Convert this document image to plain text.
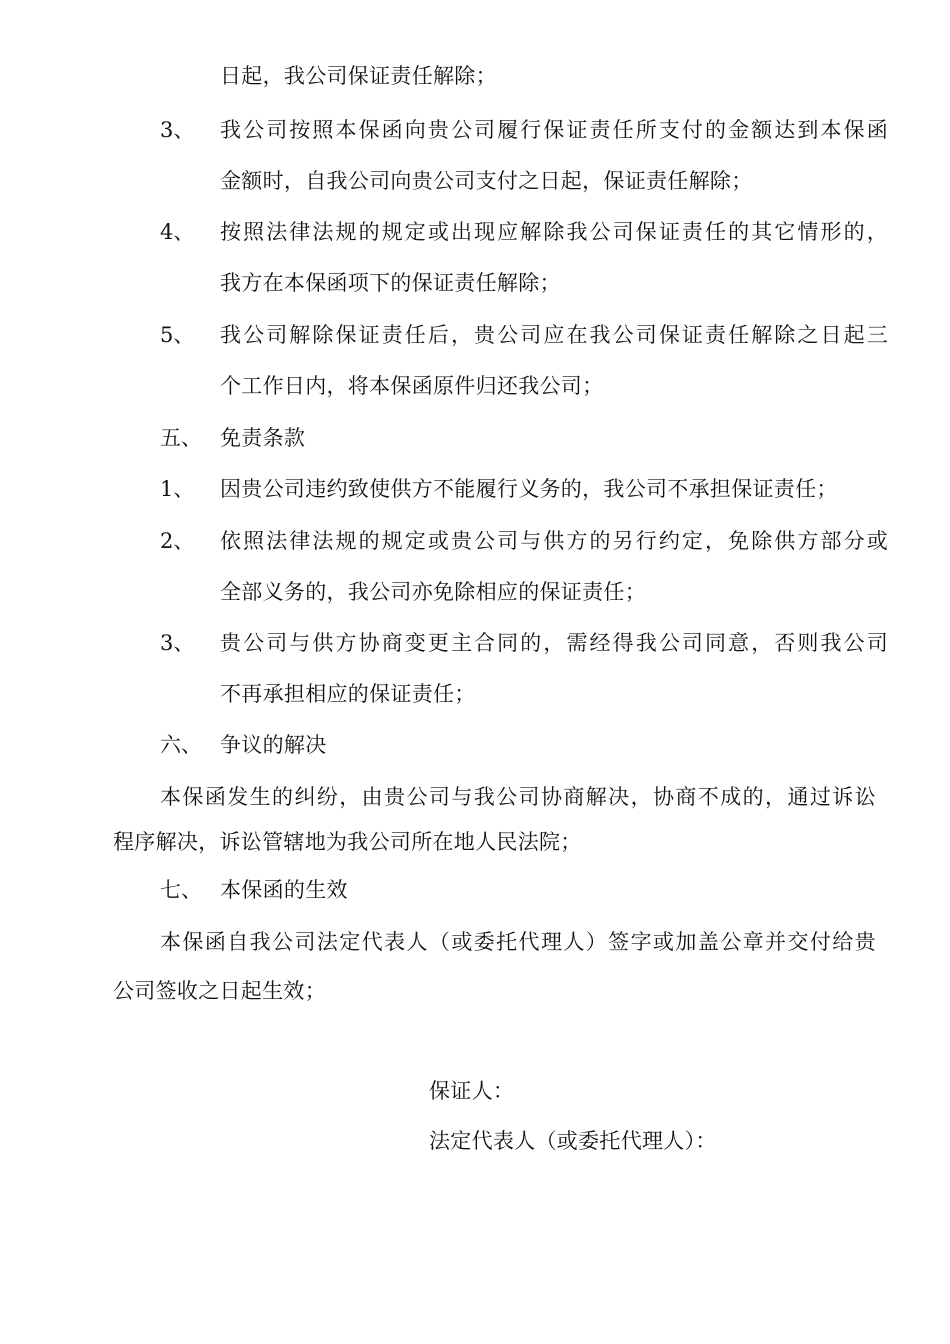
日起，我公司保证责任解除；
3、 我公司按照本保函向贵公司履行保证责任所支付的金额达到本保函
金额时，自我公司向贵公司支付之日起，保证责任解除；
4、 按照法律法规的规定或出现应解除我公司保证责任的其它情形的，
我方在本保函项下的保证责任解除；
5、 我公司解除保证责任后，贵公司应在我公司保证责任解除之日起三
个工作日内，将本保函原件归还我公司；
五、 免责条款
1、 因贵公司违约致使供方不能履行义务的，我公司不承担保证责任；
2、 依照法律法规的规定或贵公司与供方的另行约定，免除供方部分或
全部义务的，我公司亦免除相应的保证责任；
3、 贵公司与供方协商变更主合同的，需经得我公司同意，否则我公司
不再承担相应的保证责任；
六、 争议的解决
本保函发生的纠纷，由贵公司与我公司协商解决，协商不成的，通过诉讼
程序解决，诉讼管辖地为我公司所在地人民法院；
七、 本保函的生效
本保函自我公司法定代表人（或委托代理人）签字或加盖公章并交付给贵
公司签收之日起生效；
保证人：
法定代表人（或委托代理人）：
